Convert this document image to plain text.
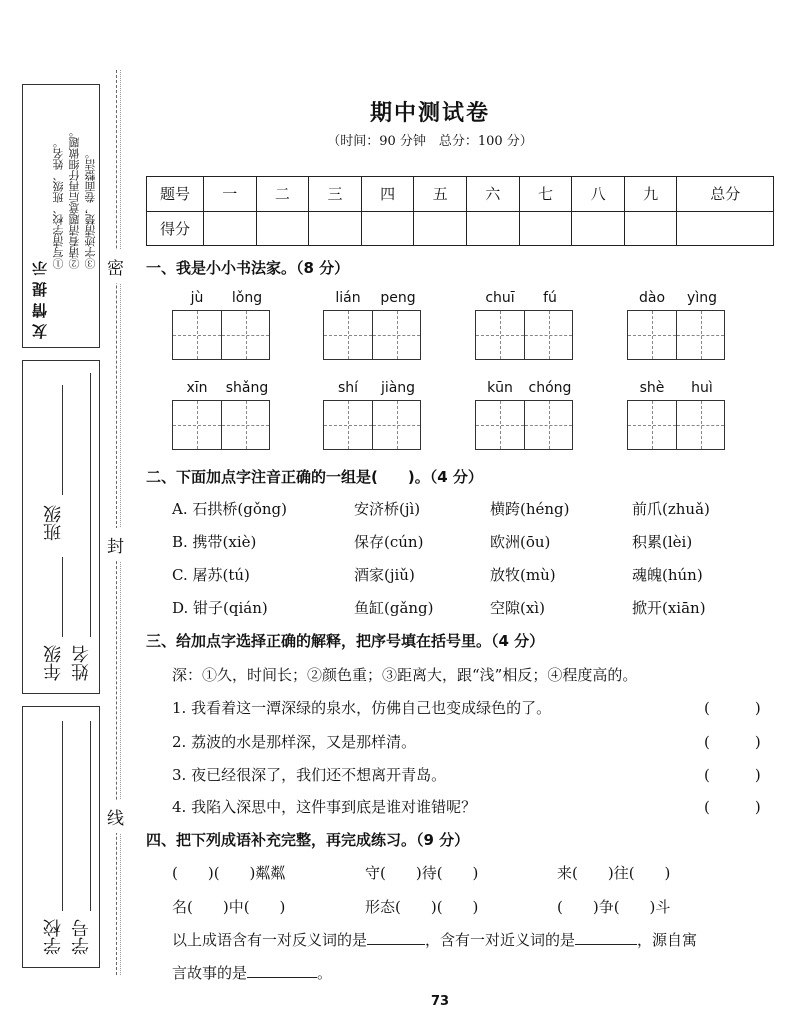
友情提示
①写清学校、班级、姓名。 ②请看清题意后再仔细做题。 ③字迹清楚，卷面整洁。
年级
班级
姓名
学校 学号
密
封
线
期中测试卷
（时间：90 分钟　总分：100 分）
题号	一	二	三	四	五	六	七	八	九	总分
得分										
一、我是小小书法家。（8 分）
jù	lǒng	lián	peng	chuī	fú	dào	yìng
xīn	shǎng	shí	jiàng	kūn	chóng	shè	huì
二、下面加点字注音正确的一组是(　　)。（4 分）
A. 石拱桥(gǒng)	安济桥(jì)	横跨(héng)	前爪(zhuǎ)
B. 携带(xiè)	保存(cún)	欧洲(ōu)	积累(lèi)
C. 屠苏(tú)	酒家(jiǔ)	放牧(mù)	魂魄(hún)
D. 钳子(qián)	鱼缸(gǎng)	空隙(xì)	掀开(xiān)
三、给加点字选择正确的解释，把序号填在括号里。（4 分）
深：①久，时间长；②颜色重；③距离大，跟“浅”相反；④程度高的。
1. 我看着这一潭深绿的泉水，仿佛自己也变成绿色的了。	(　　　)
2. 荔波的水是那样深，又是那样清。	(　　　)
3. 夜已经很深了，我们还不想离开青岛。	(　　　)
4. 我陷入深思中，这件事到底是谁对谁错呢？	(　　　)
四、把下列成语补充完整，再完成练习。（9 分）
(　　)(　　)粼粼	守(　　)待(　　)	来(　　)往(　　)
名(　　)中(　　)	形态(　　)(　　)	(　　)争(　　)斗
以上成语含有一对反义词的是	，含有一对近义词的是	，源自寓
言故事的是	。
73
